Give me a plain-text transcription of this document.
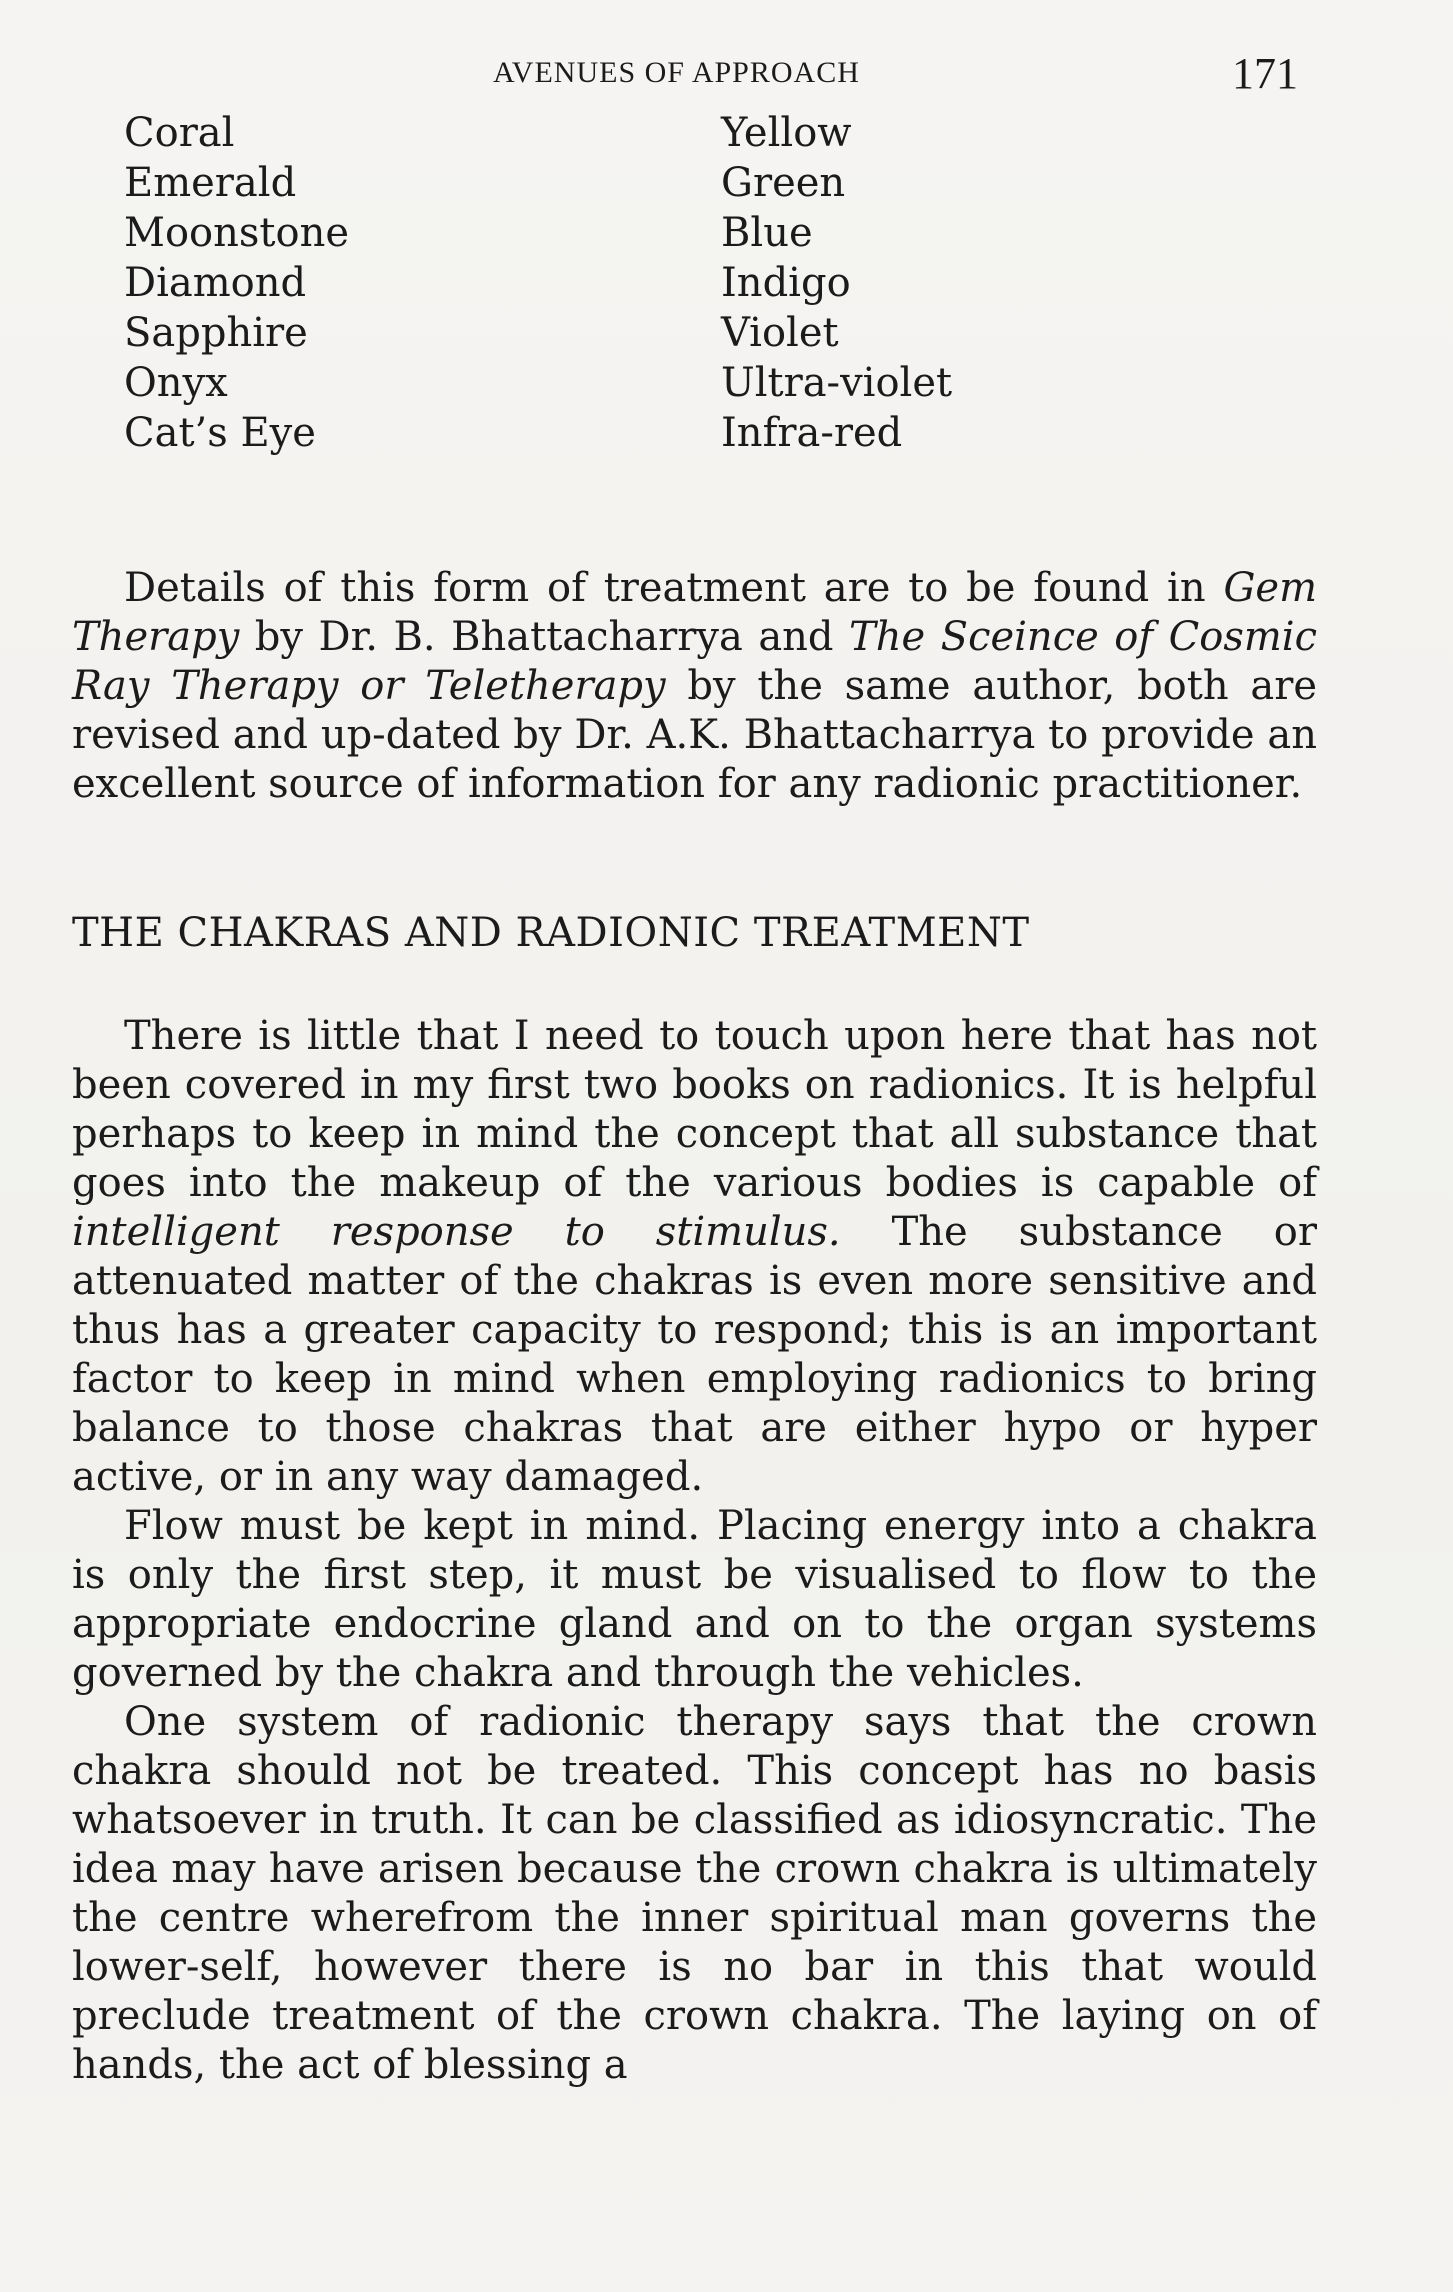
AVENUES OF APPROACH	171
Coral	Yellow
Emerald	Green
Moonstone	Blue
Diamond	Indigo
Sapphire	Violet
Onyx	Ultra-violet
Cat’s Eye	Infra-red

Details of this form of treatment are to be found in Gem Therapy by Dr. B. Bhattacharrya and The Sceince of Cosmic Ray Therapy or Teletherapy by the same author, both are revised and up-dated by Dr. A.K. Bhattacharrya to provide an excellent source of information for any radionic practitioner.

THE CHAKRAS AND RADIONIC TREATMENT

There is little that I need to touch upon here that has not been covered in my first two books on radionics. It is helpful perhaps to keep in mind the concept that all substance that goes into the makeup of the various bodies is capable of intelligent response to stimulus. The substance or attenuated matter of the chakras is even more sensitive and thus has a greater capacity to respond; this is an important factor to keep in mind when employing radionics to bring balance to those chakras that are either hypo or hyper active, or in any way damaged.

Flow must be kept in mind. Placing energy into a chakra is only the first step, it must be visualised to flow to the appropriate endocrine gland and on to the organ systems governed by the chakra and through the vehicles.

One system of radionic therapy says that the crown chakra should not be treated. This concept has no basis whatsoever in truth. It can be classified as idiosyncratic. The idea may have arisen because the crown chakra is ultimately the centre wherefrom the inner spiritual man governs the lower-self, however there is no bar in this that would preclude treatment of the crown chakra. The laying on of hands, the act of blessing a
